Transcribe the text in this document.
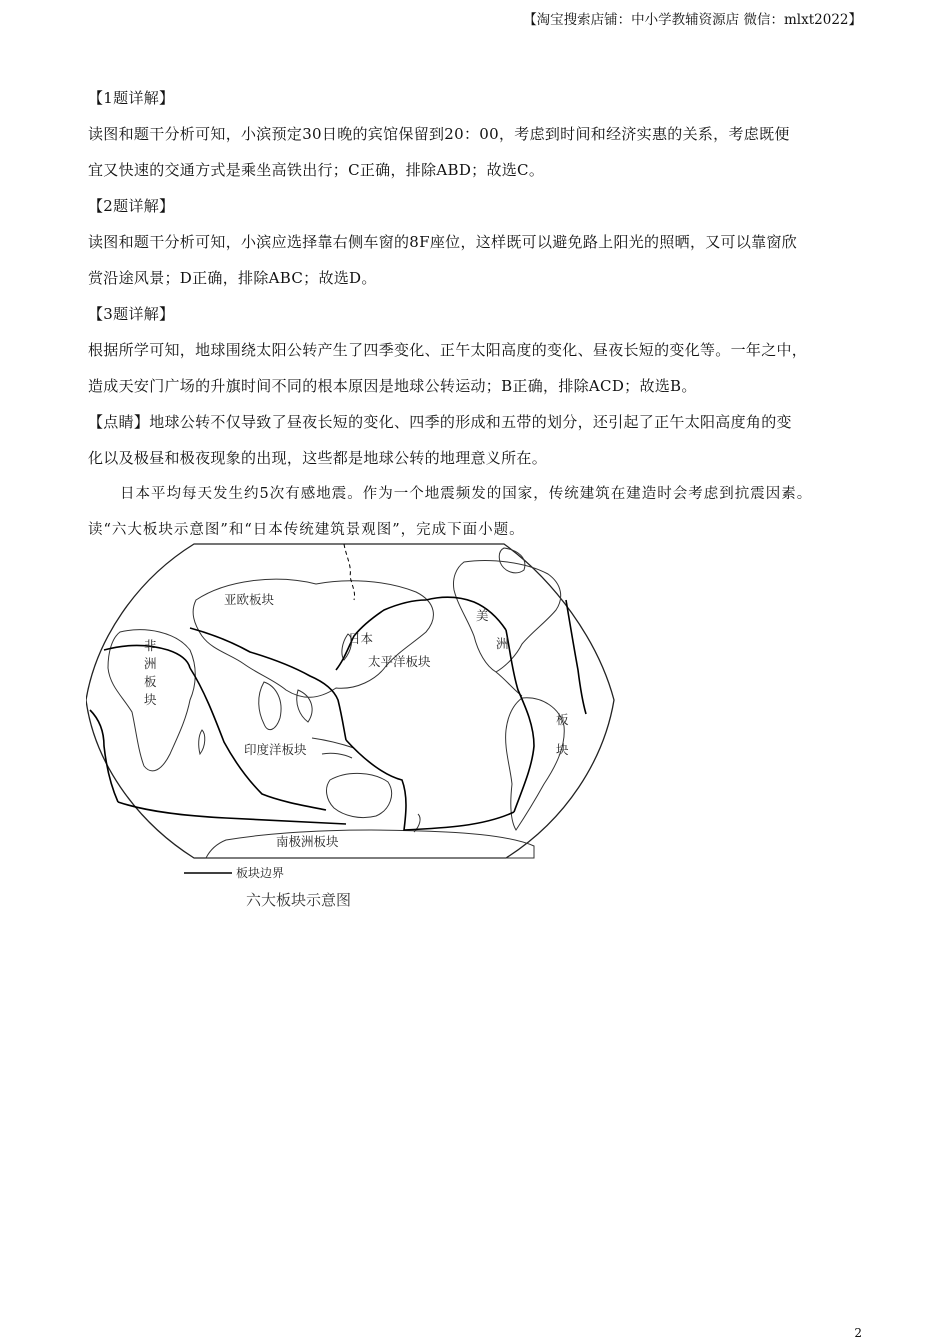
【淘宝搜索店铺：中小学教辅资源店 微信：mlxt2022】

【1题详解】

读图和题干分析可知，小滨预定30日晚的宾馆保留到20：00，考虑到时间和经济实惠的关系，考虑既便

宜又快速的交通方式是乘坐高铁出行；C正确，排除ABD；故选C。

【2题详解】

读图和题干分析可知，小滨应选择靠右侧车窗的8F座位，这样既可以避免路上阳光的照晒，又可以靠窗欣

赏沿途风景；D正确，排除ABC；故选D。

【3题详解】

根据所学可知，地球围绕太阳公转产生了四季变化、正午太阳高度的变化、昼夜长短的变化等。一年之中，

造成天安门广场的升旗时间不同的根本原因是地球公转运动；B正确，排除ACD；故选B。

【点睛】地球公转不仅导致了昼夜长短的变化、四季的形成和五带的划分，还引起了正午太阳高度角的变

化以及极昼和极夜现象的出现，这些都是地球公转的地理意义所在。

日本平均每天发生约5次有感地震。作为一个地震频发的国家，传统建筑在建造时会考虑到抗震因素。

读“六大板块示意图”和“日本传统建筑景观图”，完成下面小题。

亚欧板块
日本
太平洋板块
非
洲
板
块
印度洋板块
美
洲
板
块
南极洲板块
板块边界
六大板块示意图
2
